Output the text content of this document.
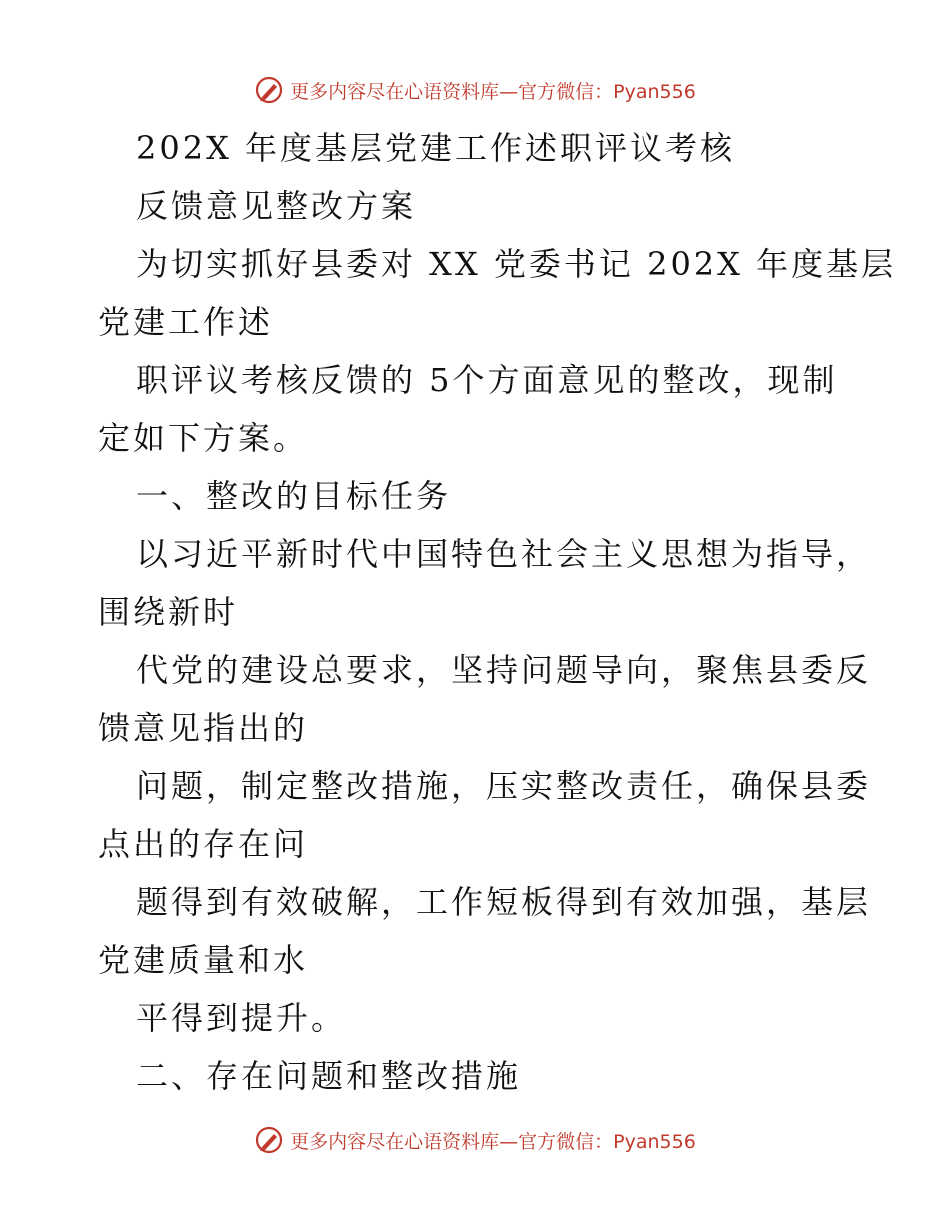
更多内容尽在心语资料库—官方微信：Pyan556
202X 年度基层党建工作述职评议考核
反馈意见整改方案
为切实抓好县委对 XX 党委书记 202X 年度基层
党建工作述
职评议考核反馈的 5个方面意见的整改，现制
定如下方案。
一、整改的目标任务
以习近平新时代中国特色社会主义思想为指导，
围绕新时
代党的建设总要求，坚持问题导向，聚焦县委反
馈意见指出的
问题，制定整改措施，压实整改责任，确保县委
点出的存在问
题得到有效破解，工作短板得到有效加强，基层
党建质量和水
平得到提升。
二、存在问题和整改措施
更多内容尽在心语资料库—官方微信：Pyan556
